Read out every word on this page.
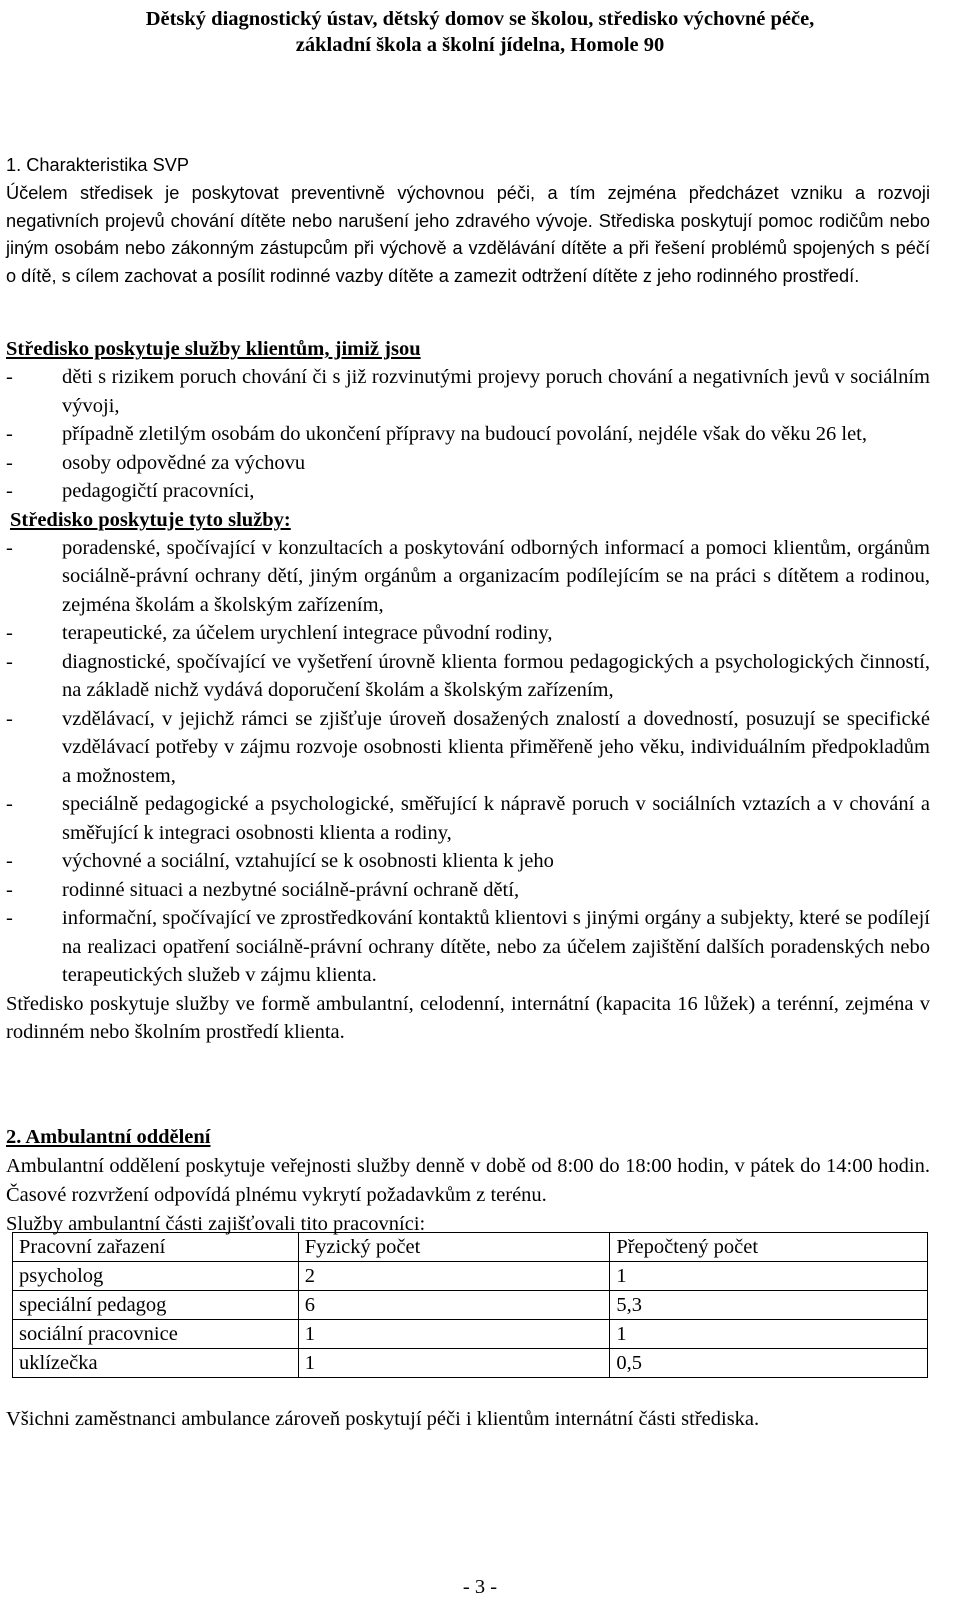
Dětský diagnostický ústav, dětský domov se školou, středisko výchovné péče,
základní škola a školní jídelna, Homole 90
1. Charakteristika SVP
Účelem středisek je poskytovat preventivně výchovnou péči, a tím zejména předcházet vzniku a rozvoji negativních projevů chování dítěte nebo narušení jeho zdravého vývoje. Střediska poskytují pomoc rodičům nebo jiným osobám nebo zákonným zástupcům při výchově a vzdělávání dítěte a při řešení problémů spojených s péčí o dítě, s cílem zachovat a posílit rodinné vazby dítěte a zamezit odtržení dítěte z jeho rodinného prostředí.
Středisko poskytuje služby klientům, jimiž jsou
- děti s rizikem poruch chování či s již rozvinutými projevy poruch chování a negativních jevů v sociálním vývoji,
- případně zletilým osobám do ukončení přípravy na budoucí povolání, nejdéle však do věku 26 let,
- osoby odpovědné za výchovu
- pedagogičtí pracovníci,
Středisko poskytuje tyto služby:
- poradenské, spočívající v konzultacích a poskytování odborných informací a pomoci klientům, orgánům sociálně-právní ochrany dětí, jiným orgánům a organizacím podílejícím se na práci s dítětem a rodinou, zejména školám a školským zařízením,
- terapeutické, za účelem urychlení integrace původní rodiny,
- diagnostické, spočívající ve vyšetření úrovně klienta formou pedagogických a psychologických činností, na základě nichž vydává doporučení školám a školským zařízením,
- vzdělávací, v jejichž rámci se zjišťuje úroveň dosažených znalostí a dovedností, posuzují se specifické vzdělávací potřeby v zájmu rozvoje osobnosti klienta přiměřeně jeho věku, individuálním předpokladům a možnostem,
- speciálně pedagogické a psychologické, směřující k nápravě poruch v sociálních vztazích a v chování a směřující k integraci osobnosti klienta a rodiny,
- výchovné a sociální, vztahující se k osobnosti klienta k jeho
- rodinné situaci a nezbytné sociálně-právní ochraně dětí,
- informační, spočívající ve zprostředkování kontaktů klientovi s jinými orgány a subjekty, které se podílejí na realizaci opatření sociálně-právní ochrany dítěte, nebo za účelem zajištění dalších poradenských nebo terapeutických služeb v zájmu klienta.
Středisko poskytuje služby ve formě ambulantní, celodenní, internátní (kapacita 16 lůžek) a terénní, zejména v rodinném nebo školním prostředí klienta.
2. Ambulantní oddělení
Ambulantní oddělení poskytuje veřejnosti služby denně v době od 8:00 do 18:00 hodin, v pátek do 14:00 hodin. Časové rozvržení odpovídá plnému vykrytí požadavkům z terénu.
Služby ambulantní části zajišťovali tito pracovníci:
Pracovní zařazení	Fyzický počet	Přepočtený počet
psycholog	2	1
speciální pedagog	6	5,3
sociální pracovnice	1	1
uklízečka	1	0,5
Všichni zaměstnanci ambulance zároveň poskytují péči i klientům internátní části střediska.
- 3 -
